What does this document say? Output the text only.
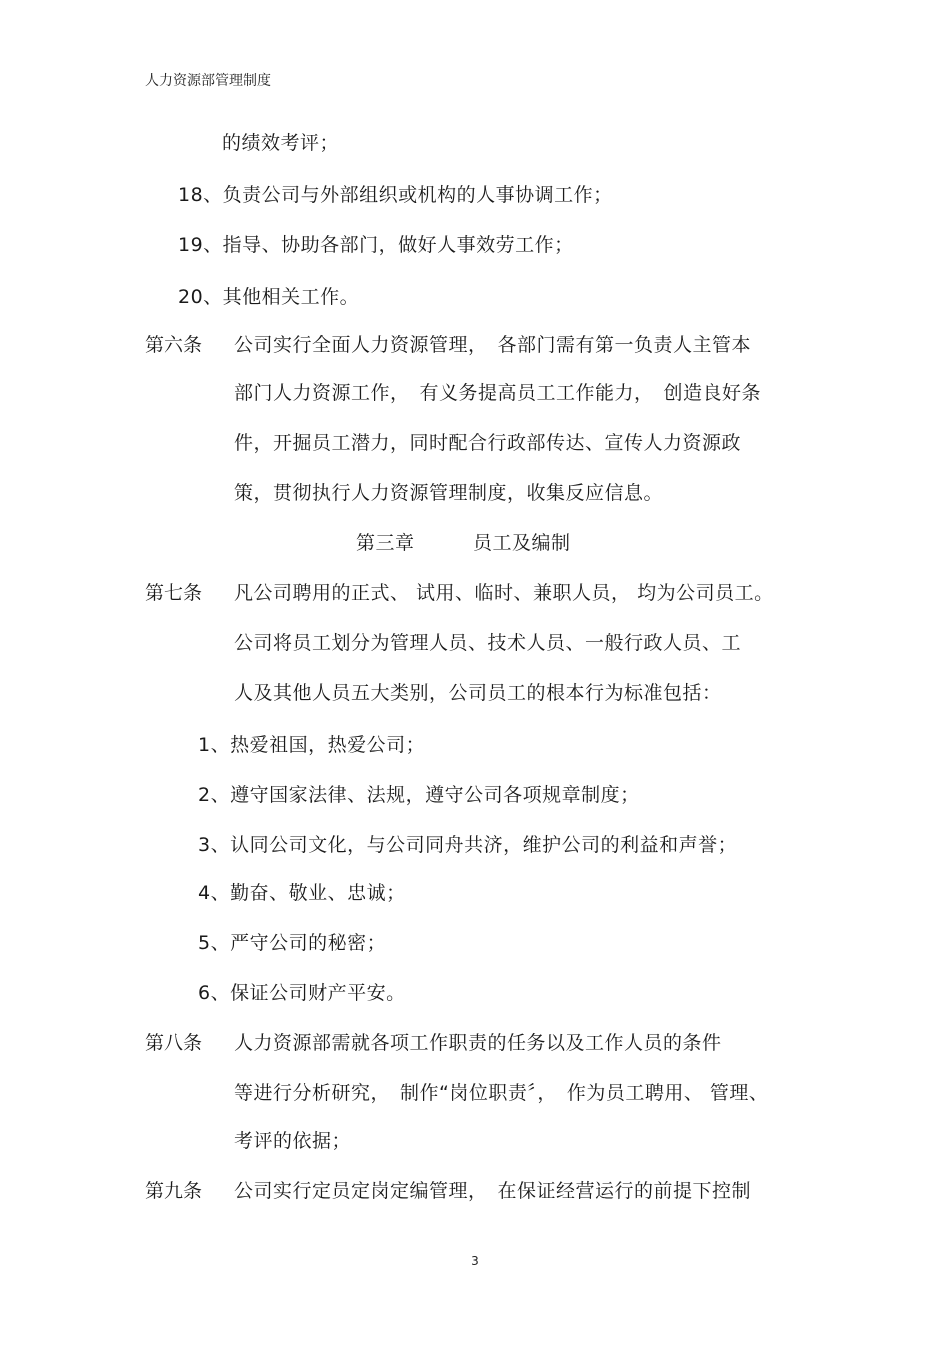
人力资源部管理制度
的绩效考评；
18、负责公司与外部组织或机构的人事协调工作；
19、指导、协助各部门，做好人事效劳工作；
20、其他相关工作。
第六条 公司实行全面人力资源管理，　各部门需有第一负责人主管本
部门人力资源工作，　有义务提高员工工作能力，　创造良好条
件，开掘员工潜力，同时配合行政部传达、宣传人力资源政
策，贯彻执行人力资源管理制度，收集反应信息。
第三章　　　员工及编制
第七条 凡公司聘用的正式、 试用、临时、兼职人员， 均为公司员工。
公司将员工划分为管理人员、技术人员、一般行政人员、工
人及其他人员五大类别，公司员工的根本行为标准包括：
1、热爱祖国，热爱公司；
2、遵守国家法律、法规，遵守公司各项规章制度；
3、认同公司文化，与公司同舟共济，维护公司的利益和声誉；
4、勤奋、敬业、忠诚；
5、严守公司的秘密；
6、保证公司财产平安。
第八条 人力资源部需就各项工作职责的任务以及工作人员的条件
等进行分析研究，　制作“岗位职责〞，　作为员工聘用、 管理、
考评的依据；
第九条 公司实行定员定岗定编管理，　在保证经营运行的前提下控制
3
